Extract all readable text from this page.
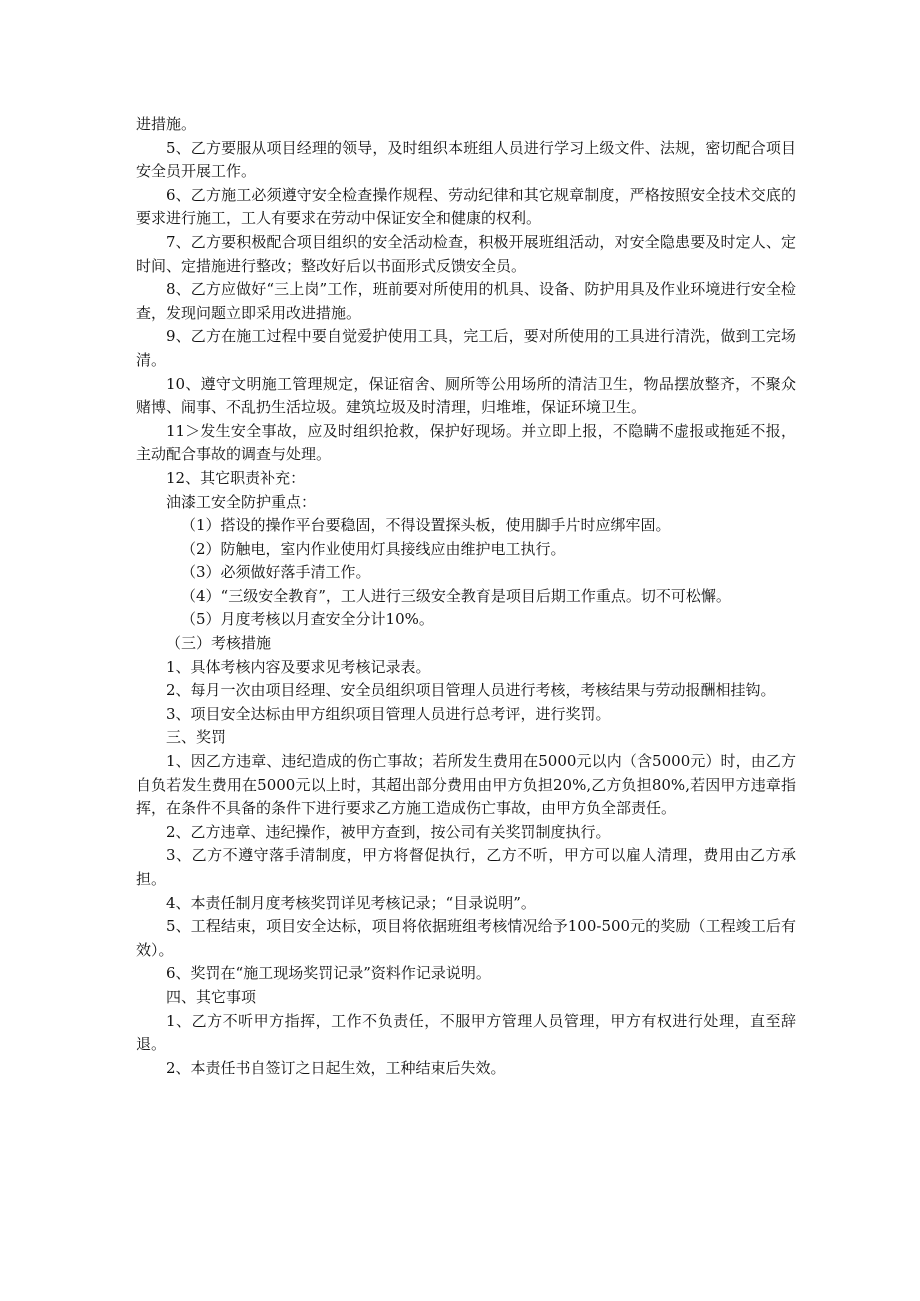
进措施。

5、乙方要服从项目经理的领导，及时组织本班组人员进行学习上级文件、法规，密切配合项目安全员开展工作。

6、乙方施工必须遵守安全检查操作规程、劳动纪律和其它规章制度，严格按照安全技术交底的要求进行施工，工人有要求在劳动中保证安全和健康的权利。

7、乙方要积极配合项目组织的安全活动检查，积极开展班组活动，对安全隐患要及时定人、定时间、定措施进行整改；整改好后以书面形式反馈安全员。

8、乙方应做好“三上岗”工作，班前要对所使用的机具、设备、防护用具及作业环境进行安全检查，发现问题立即采用改进措施。

9、乙方在施工过程中要自觉爱护使用工具，完工后，要对所使用的工具进行清洗，做到工完场清。

10、遵守文明施工管理规定，保证宿舍、厕所等公用场所的清洁卫生，物品摆放整齐，不聚众赌博、闹事、不乱扔生活垃圾。建筑垃圾及时清理，归堆堆，保证环境卫生。

11＞发生安全事故，应及时组织抢救，保护好现场。并立即上报，不隐瞒不虚报或拖延不报，主动配合事故的调查与处理。

12、其它职责补充：

油漆工安全防护重点：

（1）搭设的操作平台要稳固，不得设置探头板，使用脚手片时应绑牢固。

（2）防触电，室内作业使用灯具接线应由维护电工执行。

（3）必须做好落手清工作。

（4）“三级安全教育”，工人进行三级安全教育是项目后期工作重点。切不可松懈。

（5）月度考核以月查安全分计10%。

（三）考核措施

1、具体考核内容及要求见考核记录表。

2、每月一次由项目经理、安全员组织项目管理人员进行考核，考核结果与劳动报酬相挂钩。

3、项目安全达标由甲方组织项目管理人员进行总考评，进行奖罚。

三、奖罚

1、因乙方违章、违纪造成的伤亡事故；若所发生费用在5000元以内（含5000元）时，由乙方自负若发生费用在5000元以上时，其超出部分费用由甲方负担20%,乙方负担80%,若因甲方违章指挥，在条件不具备的条件下进行要求乙方施工造成伤亡事故，由甲方负全部责任。

2、乙方违章、违纪操作，被甲方查到，按公司有关奖罚制度执行。

3、乙方不遵守落手清制度，甲方将督促执行，乙方不听，甲方可以雇人清理，费用由乙方承担。

4、本责任制月度考核奖罚详见考核记录；“目录说明”。

5、工程结束，项目安全达标，项目将依据班组考核情况给予100-500元的奖励（工程竣工后有效）。

6、奖罚在“施工现场奖罚记录”资料作记录说明。

四、其它事项

1、乙方不听甲方指挥，工作不负责任，不服甲方管理人员管理，甲方有权进行处理，直至辞退。

2、本责任书自签订之日起生效，工种结束后失效。
